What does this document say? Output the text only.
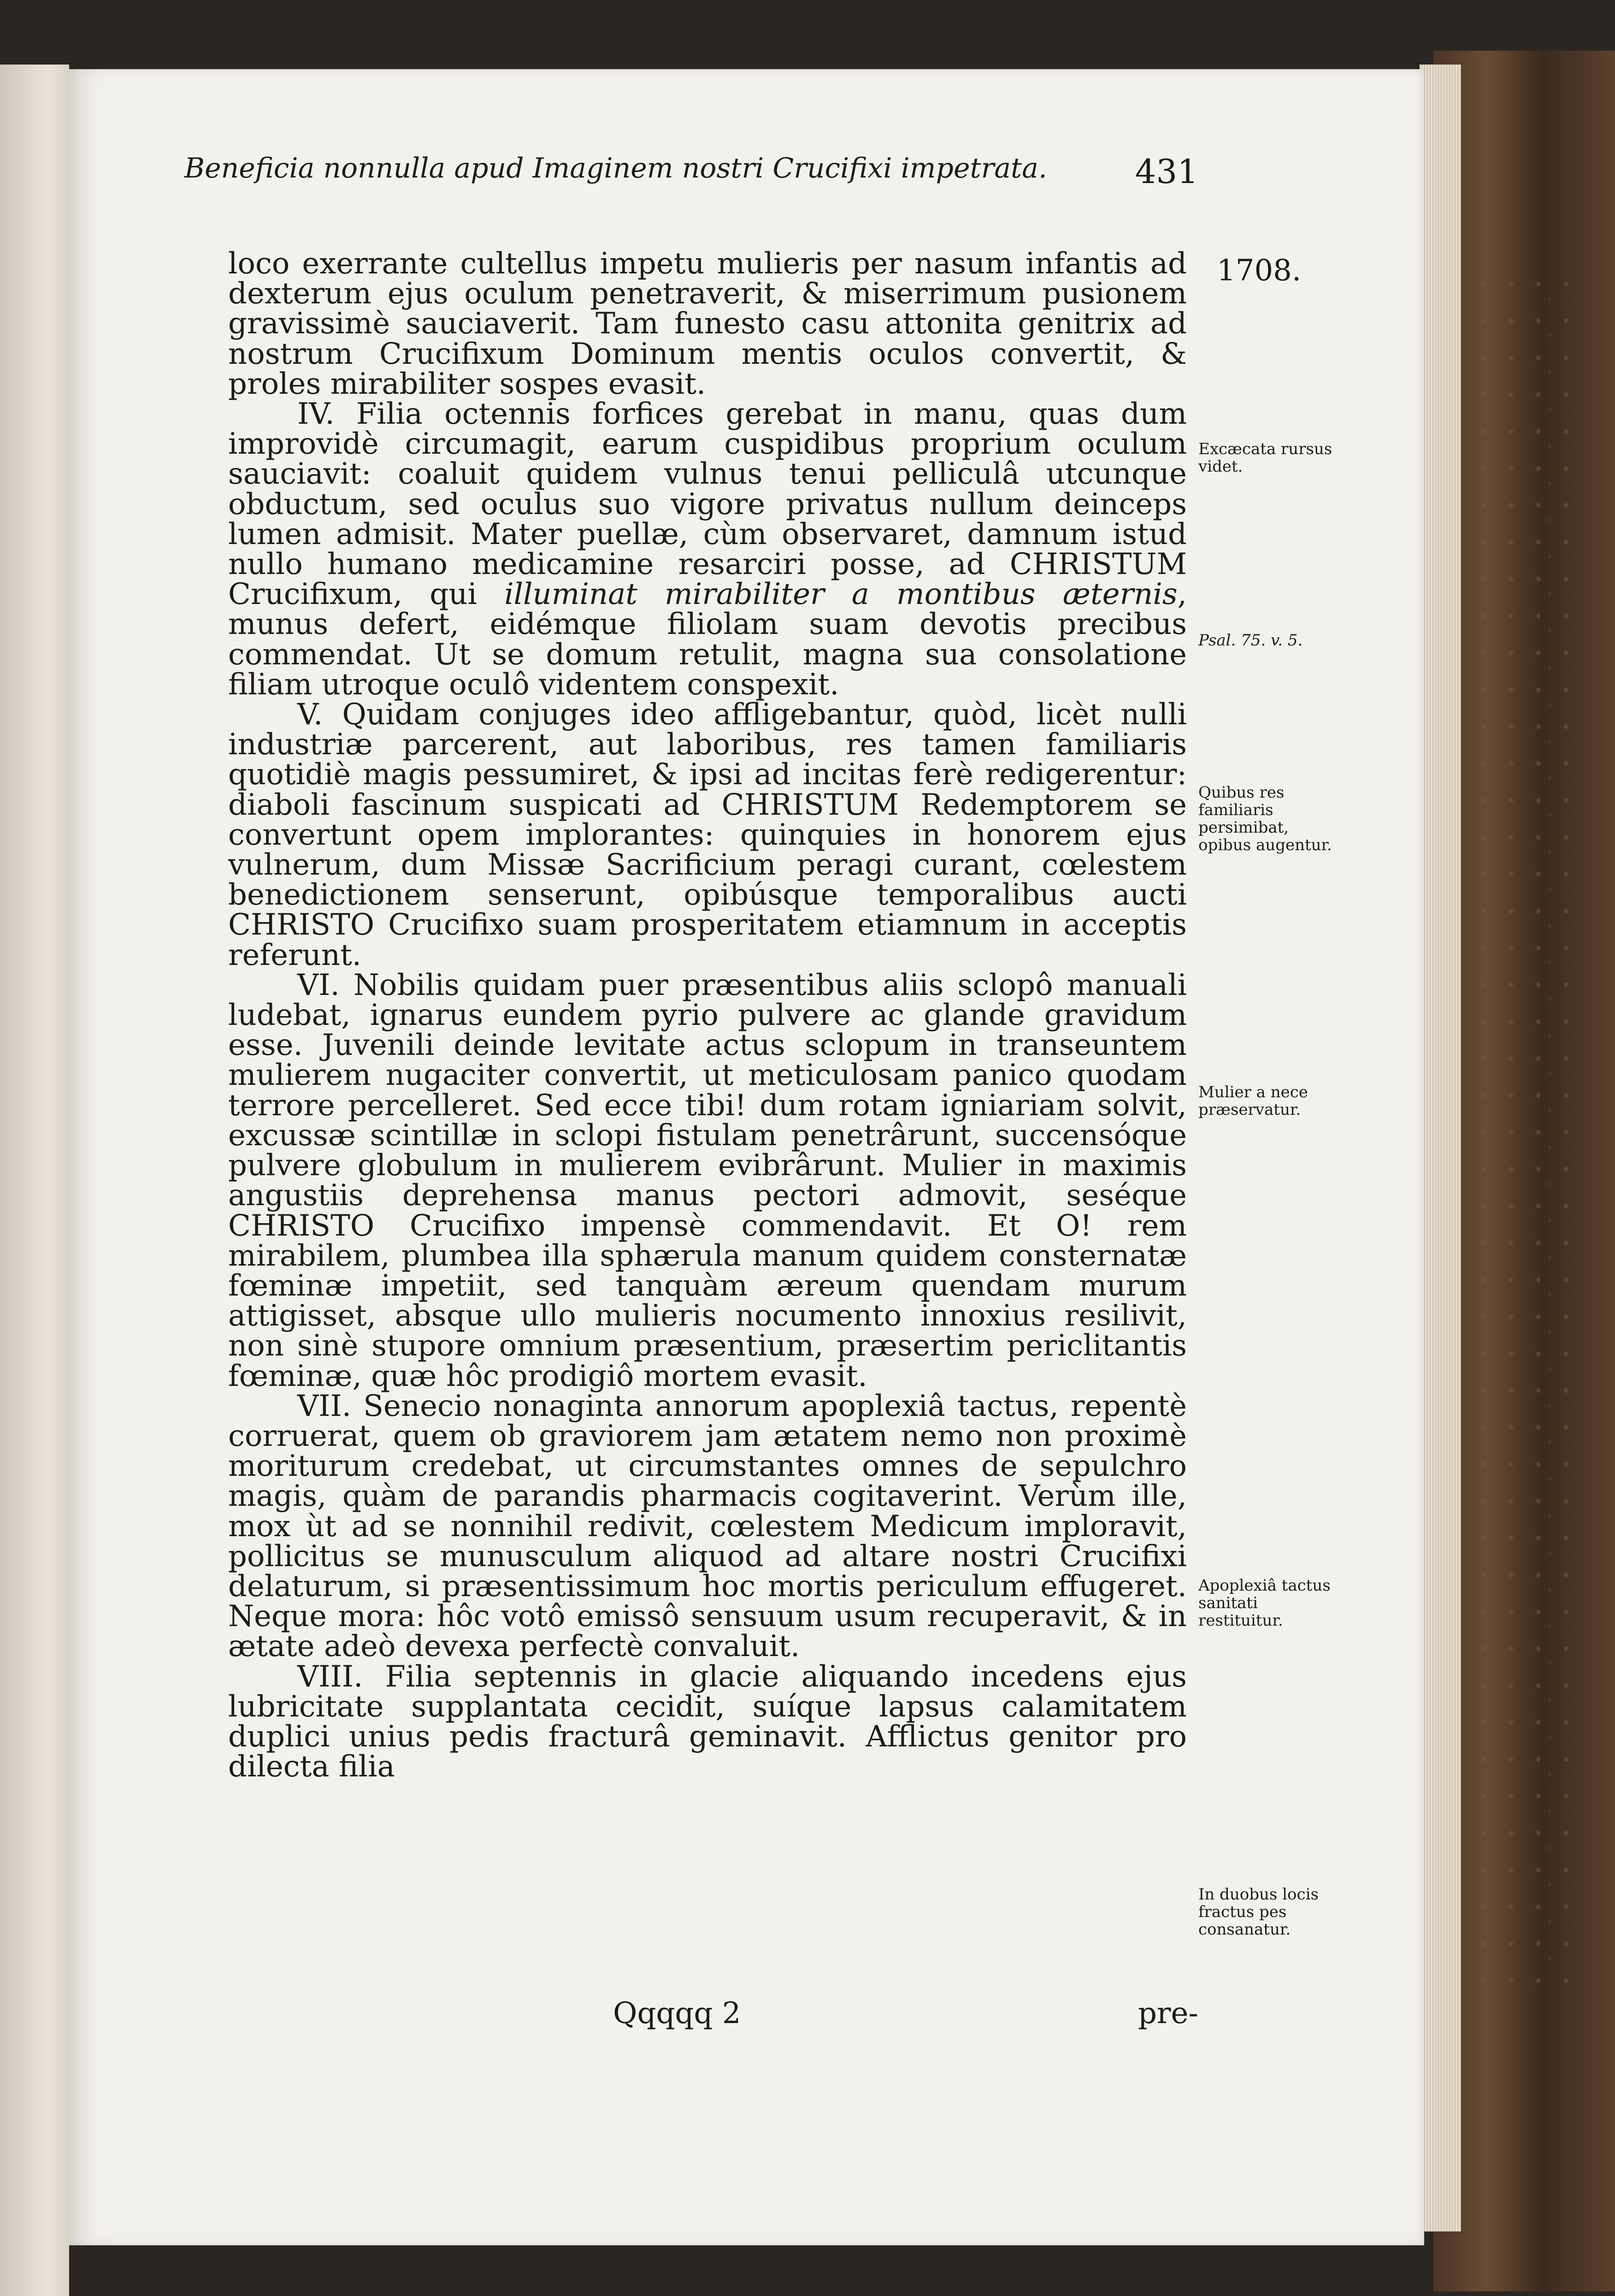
Beneficia nonnulla apud Imaginem nostri Crucifixi impetrata.	431
1708.

loco exerrante cultellus impetu mulieris per nasum infantis ad dexterum ejus oculum penetraverit, & miserrimum pusionem gravissimè sauciaverit. Tam funesto casu attonita genitrix ad nostrum Crucifixum Dominum mentis oculos convertit, & proles mirabiliter sospes evasit.

IV. Filia octennis forfices gerebat in manu, quas dum improvidè circumagit, earum cuspidibus proprium oculum sauciavit: coaluit quidem vulnus tenui pelliculâ utcunque obductum, sed oculus suo vigore privatus nullum deinceps lumen admisit. Mater puellæ, cùm observaret, damnum istud nullo humano medicamine resarciri posse, ad CHRISTUM Crucifixum, qui illuminat mirabiliter a montibus æternis, munus defert, eidémque filiolam suam devotis precibus commendat. Ut se domum retulit, magna sua consolatione filiam utroque oculô videntem conspexit.

V. Quidam conjuges ideo affligebantur, quòd, licèt nulli industriæ parcerent, aut laboribus, res tamen familiaris quotidiè magis pessumiret, & ipsi ad incitas ferè redigerentur: diaboli fascinum suspicati ad CHRISTUM Redemptorem se convertunt opem implorantes: quinquies in honorem ejus vulnerum, dum Missæ Sacrificium peragi curant, cœlestem benedictionem senserunt, opibúsque temporalibus aucti CHRISTO Crucifixo suam prosperitatem etiamnum in acceptis referunt.

VI. Nobilis quidam puer præsentibus aliis sclopô manuali ludebat, ignarus eundem pyrio pulvere ac glande gravidum esse. Juvenili deinde levitate actus sclopum in transeuntem mulierem nugaciter convertit, ut meticulosam panico quodam terrore percelleret. Sed ecce tibi! dum rotam igniariam solvit, excussæ scintillæ in sclopi fistulam penetrârunt, succensóque pulvere globulum in mulierem evibrârunt. Mulier in maximis angustiis deprehensa manus pectori admovit, seséque CHRISTO Crucifixo impensè commendavit. Et O! rem mirabilem, plumbea illa sphærula manum quidem consternatæ fœminæ impetiit, sed tanquàm æreum quendam murum attigisset, absque ullo mulieris nocumento innoxius resilivit, non sinè stupore omnium præsentium, præsertim periclitantis fœminæ, quæ hôc prodigiô mortem evasit.

VII. Senecio nonaginta annorum apoplexiâ tactus, repentè corruerat, quem ob graviorem jam ætatem nemo non proximè moriturum credebat, ut circumstantes omnes de sepulchro magis, quàm de parandis pharmacis cogitaverint. Verùm ille, mox ùt ad se nonnihil redivit, cœlestem Medicum imploravit, pollicitus se munusculum aliquod ad altare nostri Crucifixi delaturum, si præsentissimum hoc mortis periculum effugeret. Neque mora: hôc votô emissô sensuum usum recuperavit, & in ætate adeò devexa perfectè convaluit.

VIII. Filia septennis in glacie aliquando incedens ejus lubricitate supplantata cecidit, suíque lapsus calamitatem duplici unius pedis fracturâ geminavit. Afflictus genitor pro dilecta filia

Excæcata rursus videt.
Psal. 75. v. 5.
Quibus res familiaris persimibat, opibus augentur.
Mulier a nece præservatur.
Apoplexiâ tactus sanitati restituitur.
In duobus locis fractus pes consanatur.
Qqqqq 2	pre-
